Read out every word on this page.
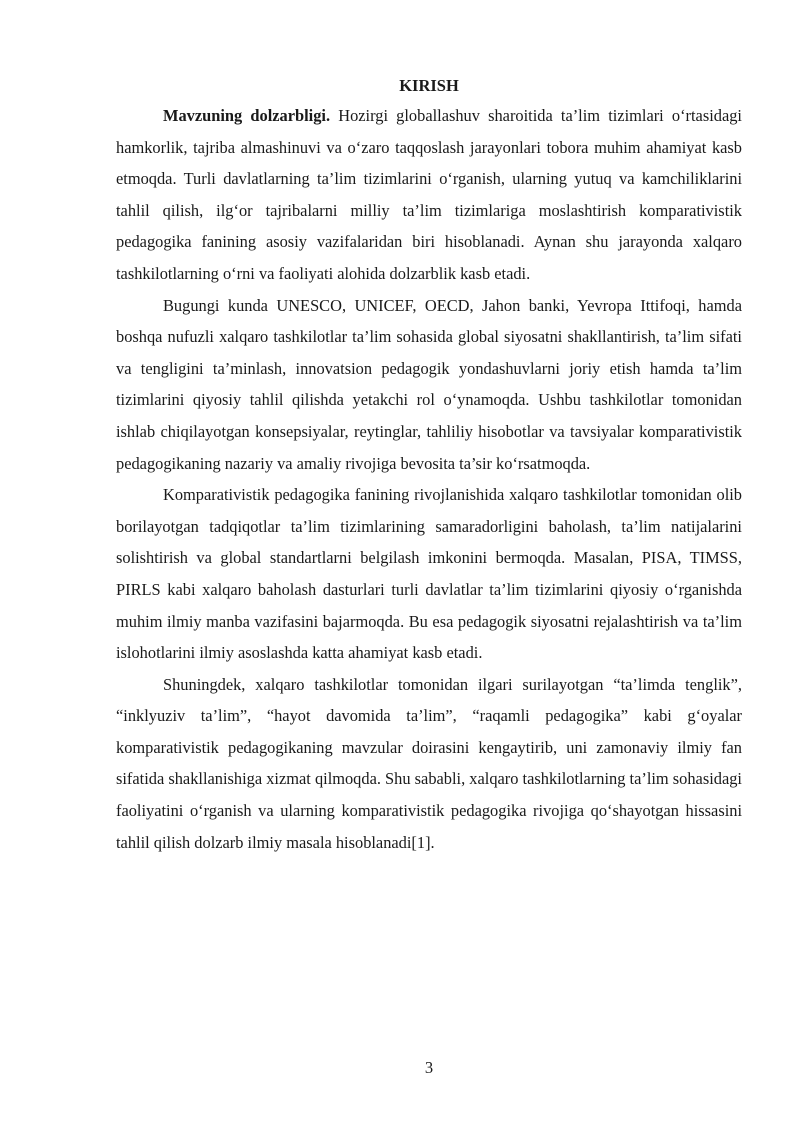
KIRISH

Mavzuning dolzarbligi. Hozirgi globallashuv sharoitida ta’lim tizimlari o‘rtasidagi hamkorlik, tajriba almashinuvi va o‘zaro taqqoslash jarayonlari tobora muhim ahamiyat kasb etmoqda. Turli davlatlarning ta’lim tizimlarini o‘rganish, ularning yutuq va kamchiliklarini tahlil qilish, ilg‘or tajribalarni milliy ta’lim tizimlariga moslashtirish komparativistik pedagogika fanining asosiy vazifalaridan biri hisoblanadi. Aynan shu jarayonda xalqaro tashkilotlarning o‘rni va faoliyati alohida dolzarblik kasb etadi.

Bugungi kunda UNESCO, UNICEF, OECD, Jahon banki, Yevropa Ittifoqi, hamda boshqa nufuzli xalqaro tashkilotlar ta’lim sohasida global siyosatni shakllantirish, ta’lim sifati va tengligini ta’minlash, innovatsion pedagogik yondashuvlarni joriy etish hamda ta’lim tizimlarini qiyosiy tahlil qilishda yetakchi rol o‘ynamoqda. Ushbu tashkilotlar tomonidan ishlab chiqilayotgan konsepsiyalar, reytinglar, tahliliy hisobotlar va tavsiyalar komparativistik pedagogikaning nazariy va amaliy rivojiga bevosita ta’sir ko‘rsatmoqda.

Komparativistik pedagogika fanining rivojlanishida xalqaro tashkilotlar tomonidan olib borilayotgan tadqiqotlar ta’lim tizimlarining samaradorligini baholash, ta’lim natijalarini solishtirish va global standartlarni belgilash imkonini bermoqda. Masalan, PISA, TIMSS, PIRLS kabi xalqaro baholash dasturlari turli davlatlar ta’lim tizimlarini qiyosiy o‘rganishda muhim ilmiy manba vazifasini bajarmoqda. Bu esa pedagogik siyosatni rejalashtirish va ta’lim islohotlarini ilmiy asoslashda katta ahamiyat kasb etadi.

Shuningdek, xalqaro tashkilotlar tomonidan ilgari surilayotgan “ta’limda tenglik”, “inklyuziv ta’lim”, “hayot davomida ta’lim”, “raqamli pedagogika” kabi g‘oyalar komparativistik pedagogikaning mavzular doirasini kengaytirib, uni zamonaviy ilmiy fan sifatida shakllanishiga xizmat qilmoqda. Shu sababli, xalqaro tashkilotlarning ta’lim sohasidagi faoliyatini o‘rganish va ularning komparativistik pedagogika rivojiga qo‘shayotgan hissasini tahlil qilish dolzarb ilmiy masala hisoblanadi[1].

3
